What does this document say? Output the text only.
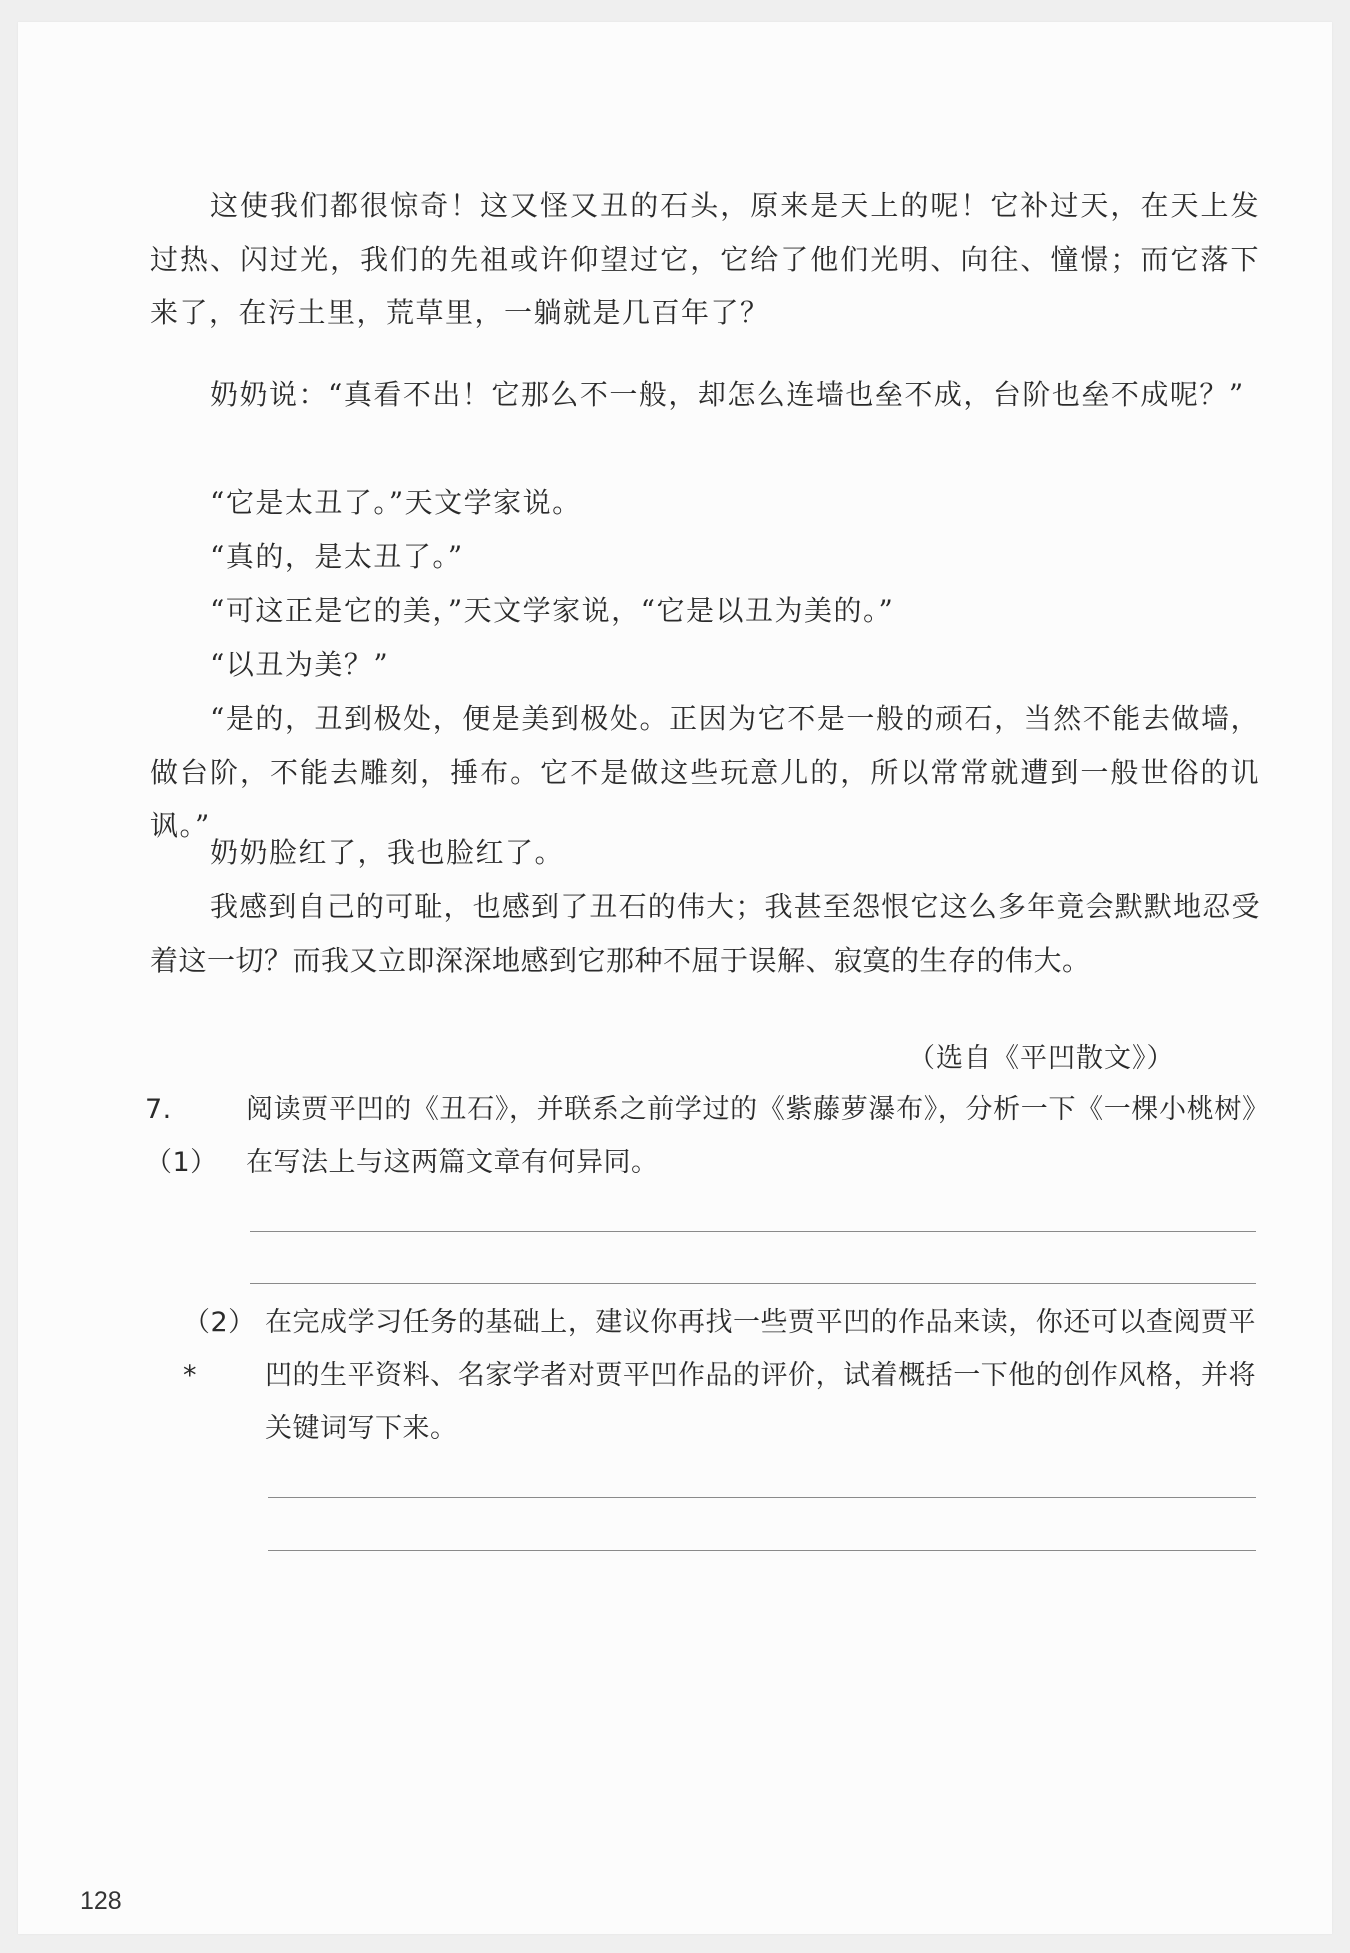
这使我们都很惊奇！这又怪又丑的石头，原来是天上的呢！它补过天，在天上发过热、闪过光，我们的先祖或许仰望过它，它给了他们光明、向往、憧憬；而它落下来了，在污土里，荒草里，一躺就是几百年了？

奶奶说：“真看不出！它那么不一般，却怎么连墙也垒不成，台阶也垒不成呢？”

“它是太丑了。”天文学家说。

“真的，是太丑了。”

“可这正是它的美，”天文学家说，“它是以丑为美的。”

“以丑为美？”

“是的，丑到极处，便是美到极处。正因为它不是一般的顽石，当然不能去做墙，做台阶，不能去雕刻，捶布。它不是做这些玩意儿的，所以常常就遭到一般世俗的讥讽。”

奶奶脸红了，我也脸红了。

我感到自己的可耻，也感到了丑石的伟大；我甚至怨恨它这么多年竟会默默地忍受着这一切？而我又立即深深地感到它那种不屈于误解、寂寞的生存的伟大。

（选自《平凹散文》）
7. （1）
阅读贾平凹的《丑石》，并联系之前学过的《紫藤萝瀑布》，分析一下《一棵小桃树》在写法上与这两篇文章有何异同。
（2）*
在完成学习任务的基础上，建议你再找一些贾平凹的作品来读，你还可以查阅贾平凹的生平资料、名家学者对贾平凹作品的评价，试着概括一下他的创作风格，并将关键词写下来。
128
